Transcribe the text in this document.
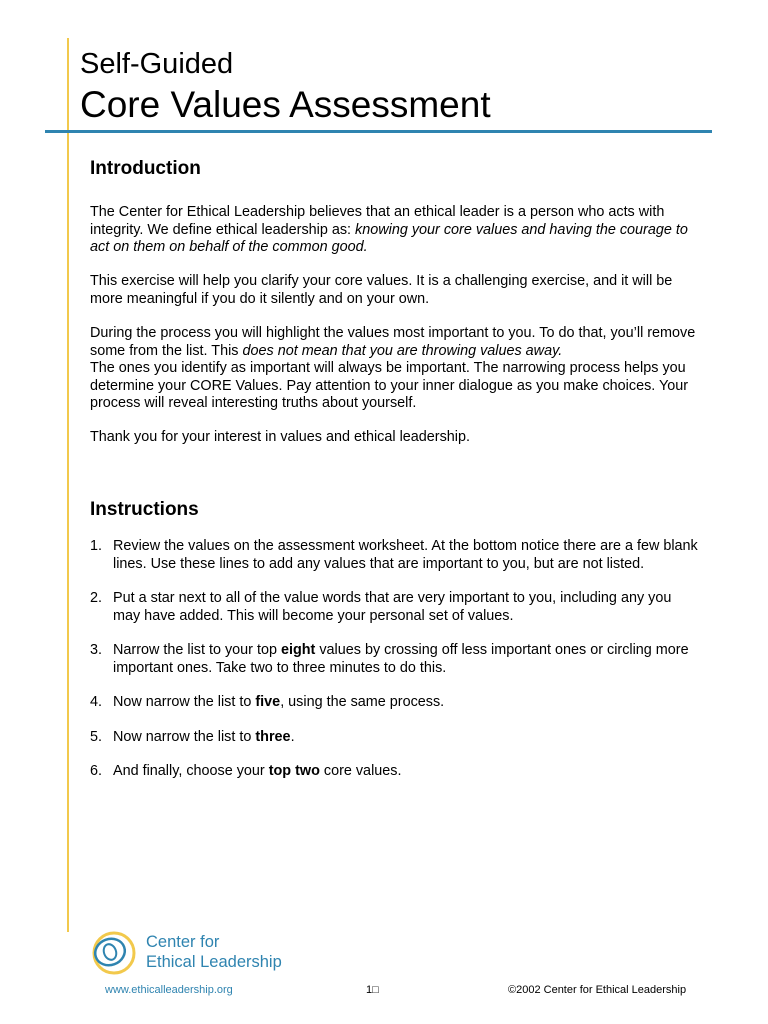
Self-Guided
Core Values Assessment
Introduction

The Center for Ethical Leadership believes that an ethical leader is a person who acts with integrity. We define ethical leadership as: knowing your core values and having the courage to act on them on behalf of the common good.

This exercise will help you clarify your core values. It is a challenging exercise, and it will be more meaningful if you do it silently and on your own.

During the process you will highlight the values most important to you. To do that, you’ll remove some from the list. This does not mean that you are throwing values away.
The ones you identify as important will always be important. The narrowing process helps you determine your CORE Values. Pay attention to your inner dialogue as you make choices. Your process will reveal interesting truths about yourself.

Thank you for your interest in values and ethical leadership.

Instructions
1. Review the values on the assessment worksheet. At the bottom notice there are a few blank lines. Use these lines to add any values that are important to you, but are not listed.
2. Put a star next to all of the value words that are very important to you, including any you may have added. This will become your personal set of values.
3. Narrow the list to your top eight values by crossing off less important ones or circling more important ones. Take two to three minutes to do this.
4. Now narrow the list to five, using the same process.
5. Now narrow the list to three.
6. And finally, choose your top two core values.
Center for
Ethical Leadership
www.ethicalleadership.org	1□	©2002 Center for Ethical Leadership
